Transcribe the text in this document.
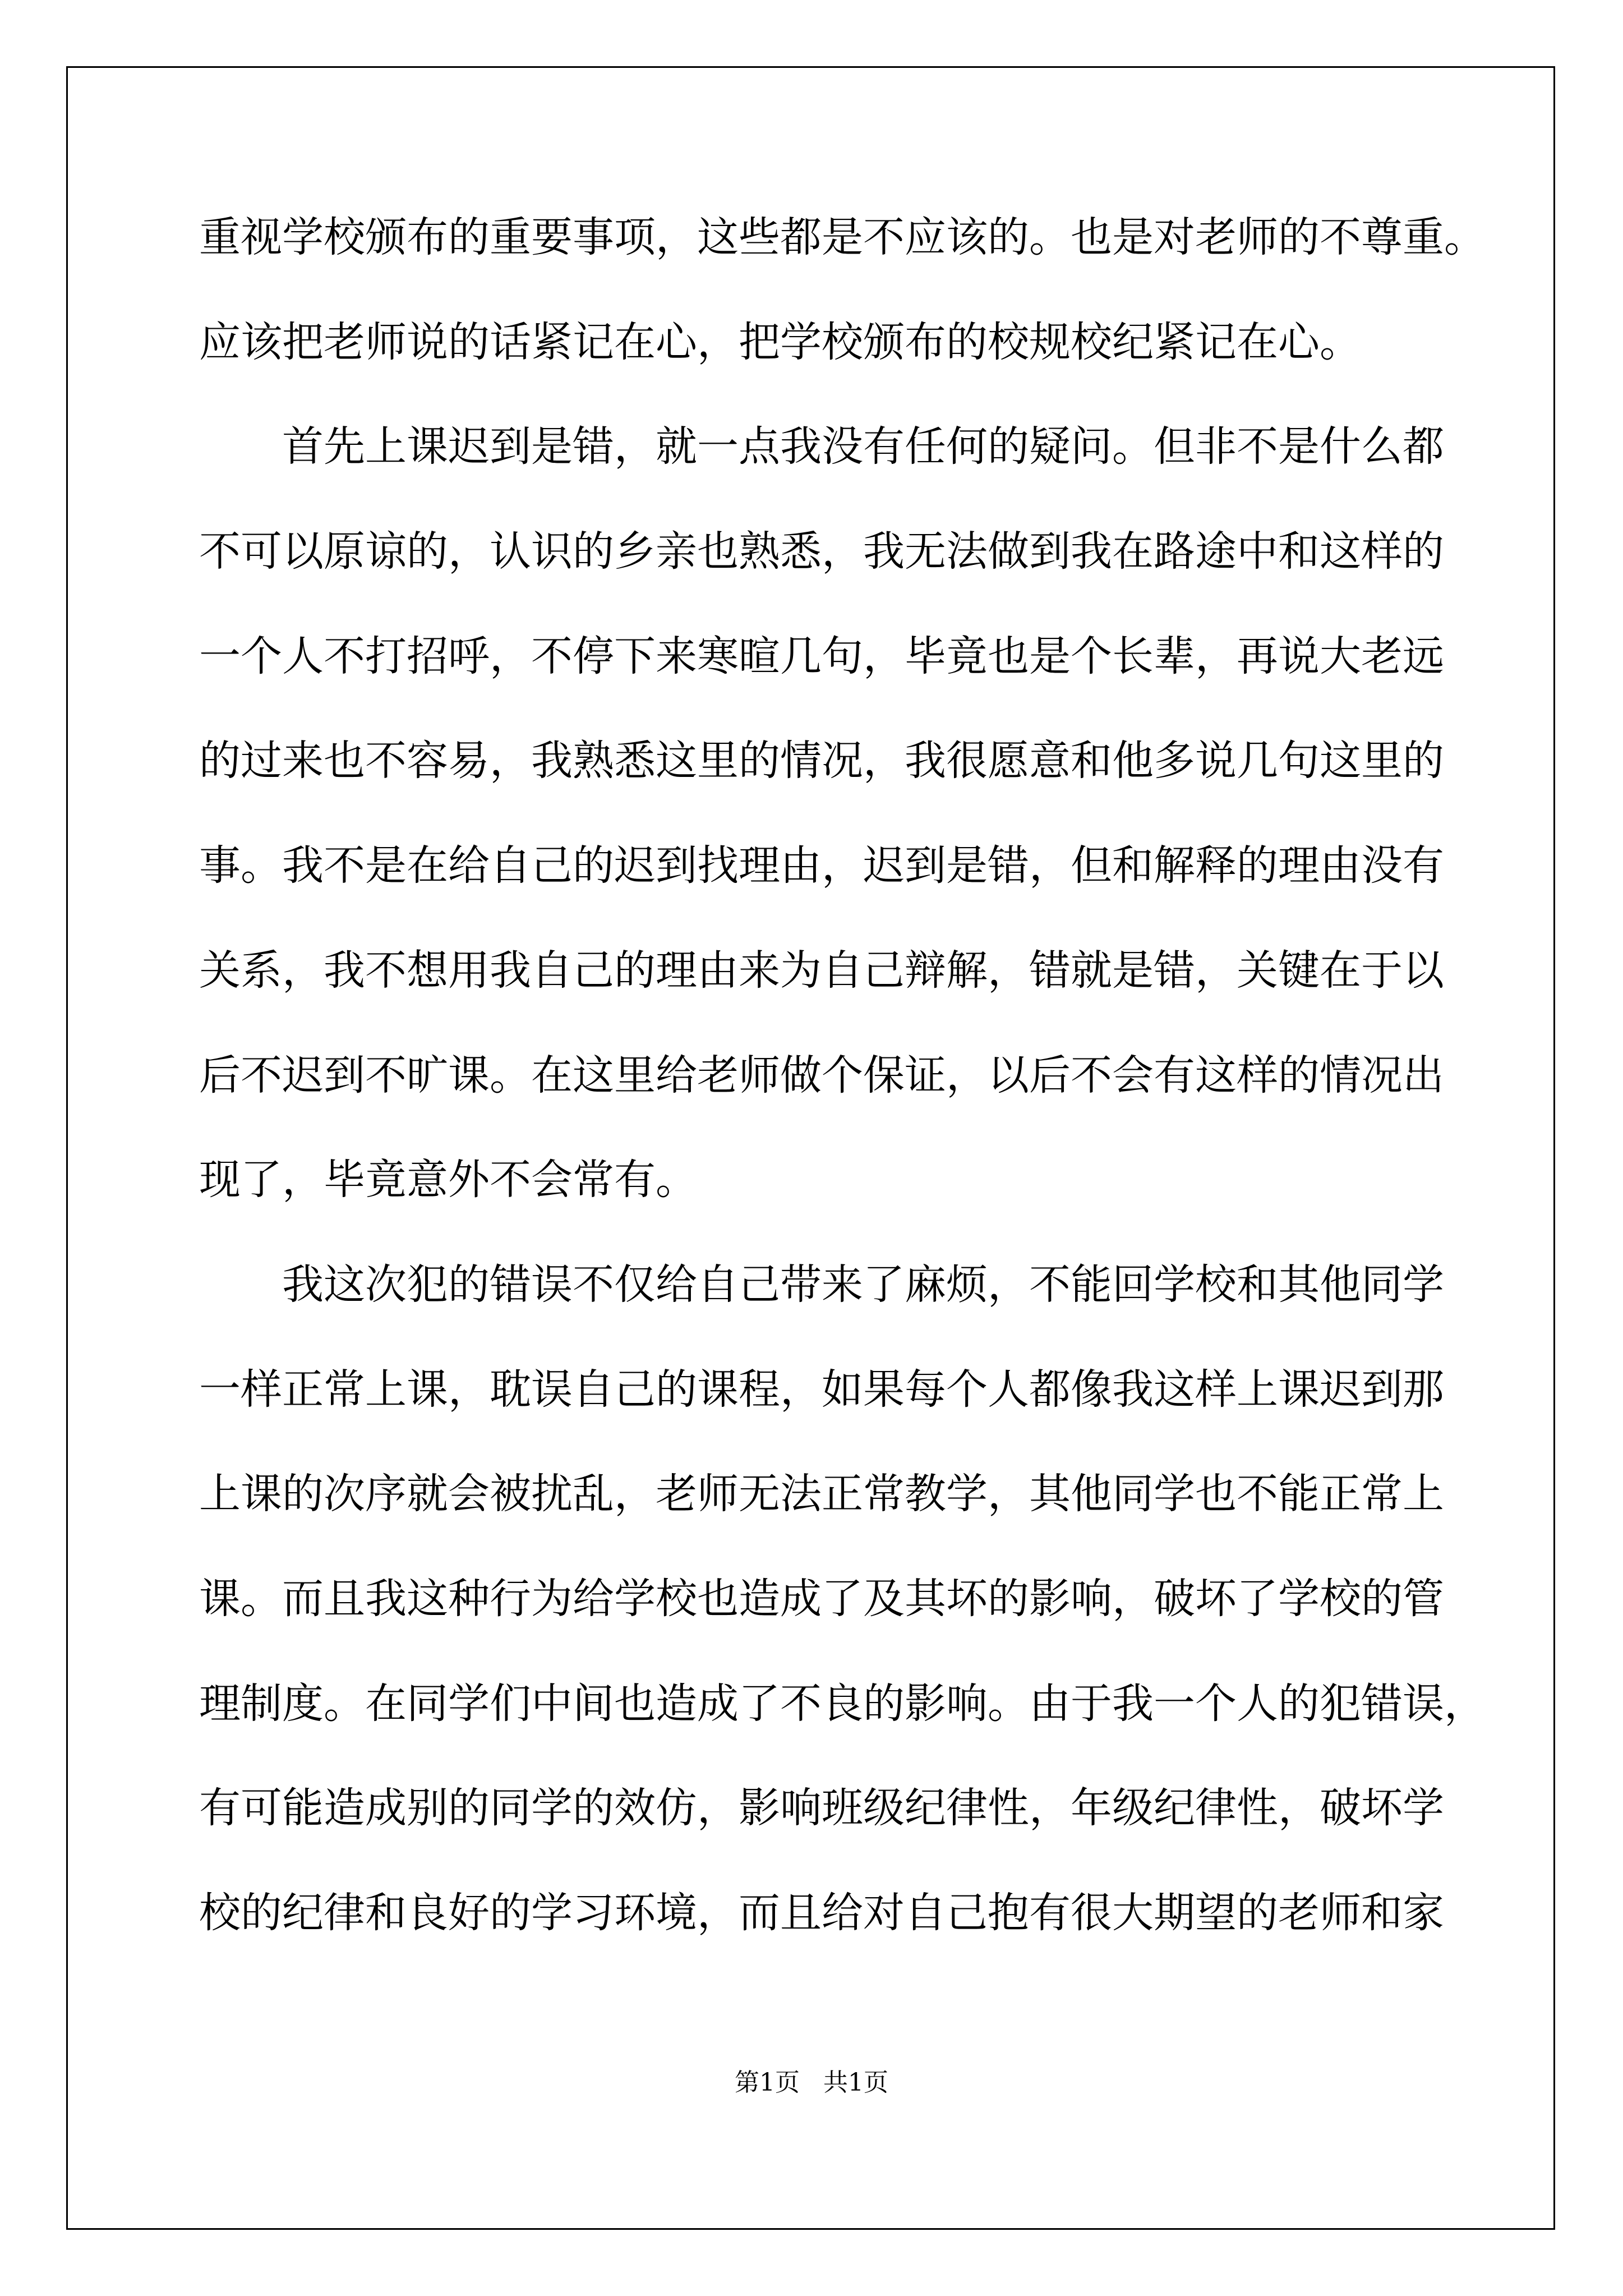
重视学校颁布的重要事项，这些都是不应该的。也是对老师的不尊重。
应该把老师说的话紧记在心，把学校颁布的校规校纪紧记在心。
首先上课迟到是错，就一点我没有任何的疑问。但非不是什么都
不可以原谅的，认识的乡亲也熟悉，我无法做到我在路途中和这样的
一个人不打招呼，不停下来寒暄几句，毕竟也是个长辈，再说大老远
的过来也不容易，我熟悉这里的情况，我很愿意和他多说几句这里的
事。我不是在给自己的迟到找理由，迟到是错，但和解释的理由没有
关系，我不想用我自己的理由来为自己辩解，错就是错，关键在于以
后不迟到不旷课。在这里给老师做个保证，以后不会有这样的情况出
现了，毕竟意外不会常有。
我这次犯的错误不仅给自己带来了麻烦，不能回学校和其他同学
一样正常上课，耽误自己的课程，如果每个人都像我这样上课迟到那
上课的次序就会被扰乱，老师无法正常教学，其他同学也不能正常上
课。而且我这种行为给学校也造成了及其坏的影响，破坏了学校的管
理制度。在同学们中间也造成了不良的影响。由于我一个人的犯错误，
有可能造成别的同学的效仿，影响班级纪律性，年级纪律性，破坏学
校的纪律和良好的学习环境，而且给对自己抱有很大期望的老师和家
第1页   共1页
